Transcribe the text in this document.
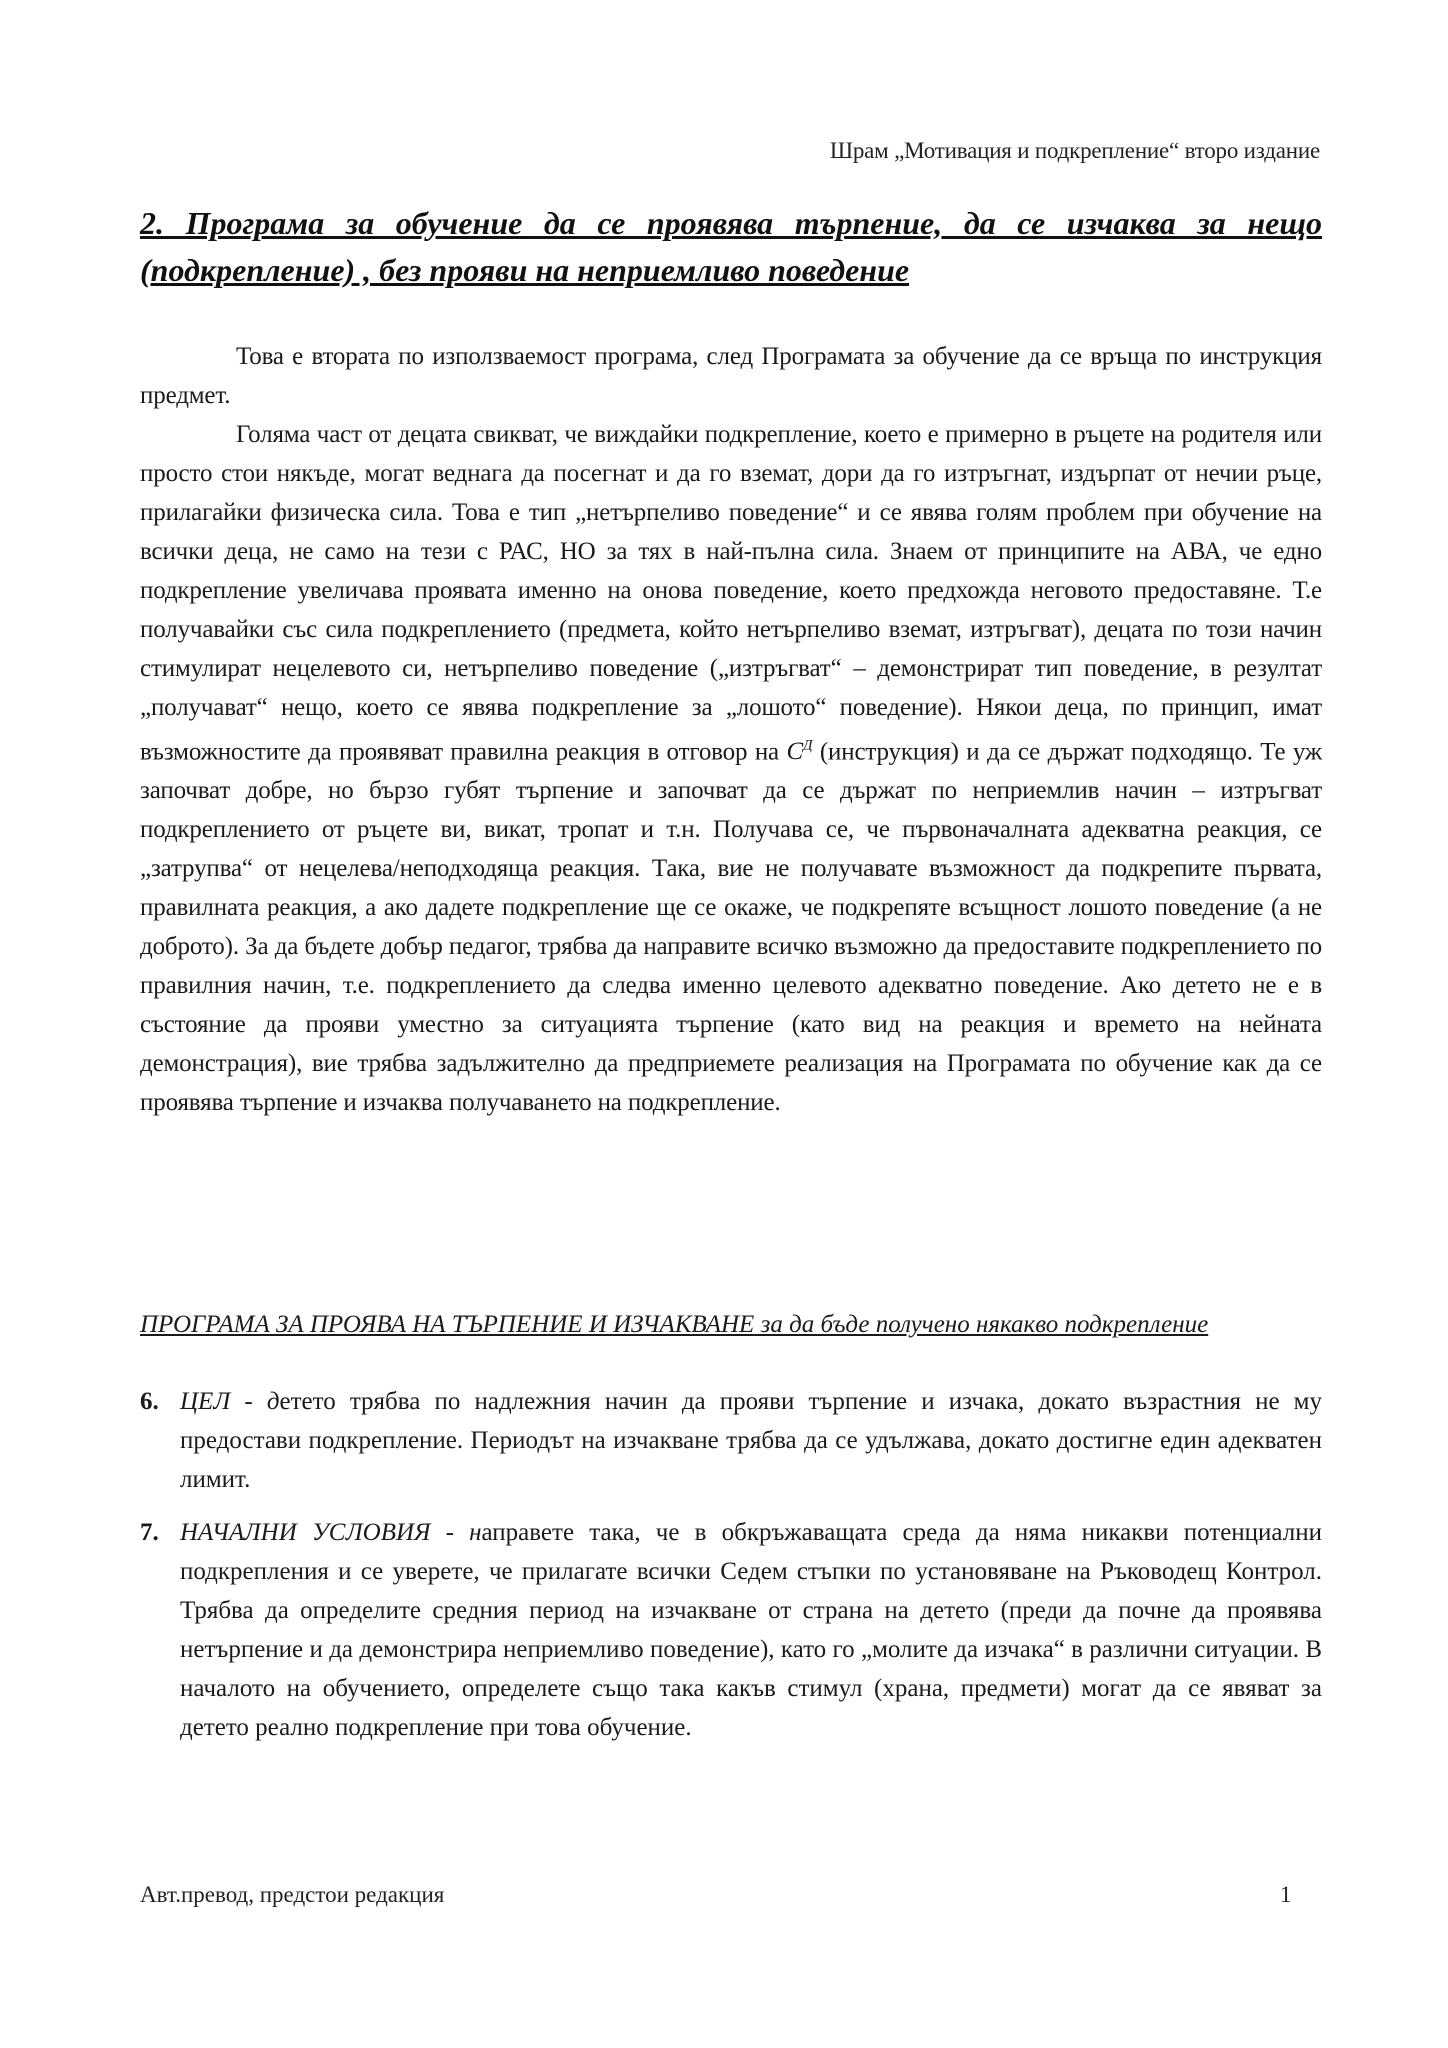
Шрам „Мотивация и подкрепление“ второ издание
2. Програма за обучение да се проявява търпение, да се изчаква за нещо
(подкрепление) , без прояви на неприемливо поведение

Това е втората по използваемост програма, след Програмата за обучение да се връща по инструкция предмет.

Голяма част от децата свикват, че виждайки подкрепление, което е примерно в ръцете на родителя или просто стои някъде, могат веднага да посегнат и да го вземат, дори да го изтръгнат, издърпат от нечии ръце, прилагайки физическа сила. Това е тип „нетърпеливо поведение“ и се явява голям проблем при обучение на всички деца, не само на тези с РАС, НО за тях в най-пълна сила. Знаем от принципите на АВА, че едно подкрепление увеличава проявата именно на онова поведение, което предхожда неговото предоставяне. Т.е получавайки със сила подкреплението (предмета, който нетърпеливо вземат, изтръгват), децата по този начин стимулират нецелевото си, нетърпеливо поведение („изтръгват“ – демонстрират тип поведение, в резултат „получават“ нещо, което се явява подкрепление за „лошото“ поведение). Някои деца, по принцип, имат възможностите да проявяват правилна реакция в отговор на $С^Д$ (инструкция) и да се държат подходящо. Те уж започват добре, но бързо губят търпение и започват да се държат по неприемлив начин – изтръгват подкреплението от ръцете ви, викат, тропат и т.н. Получава се, че първоначалната адекватна реакция, се „затрупва“ от нецелева/неподходяща реакция. Така, вие не получавате възможност да подкрепите първата, правилната реакция, а ако дадете подкрепление ще се окаже, че подкрепяте всъщност лошото поведение (а не доброто). За да бъдете добър педагог, трябва да направите всичко възможно да предоставите подкреплението по правилния начин, т.е. подкреплението да следва именно целевото адекватно поведение. Ако детето не е в състояние да прояви уместно за ситуацията търпение (като вид на реакция и времето на нейната демонстрация), вие трябва задължително да предприемете реализация на Програмата по обучение как да се проявява търпение и изчаква получаването на подкрепление.

ПРОГРАМА ЗА ПРОЯВА НА ТЪРПЕНИЕ И ИЗЧАКВАНЕ за да бъде получено някакво подкрепление
6. ЦЕЛ - детето трябва по надлежния начин да прояви търпение и изчака, докато възрастния не му предостави подкрепление. Периодът на изчакване трябва да се удължава, докато достигне един адекватен лимит.
7. НАЧАЛНИ УСЛОВИЯ - направете така, че в обкръжаващата среда да няма никакви потенциални подкрепления и се уверете, че прилагате всички Седем стъпки по установяване на Ръководещ Контрол. Трябва да определите средния период на изчакване от страна на детето (преди да почне да проявява нетърпение и да демонстрира неприемливо поведение), като го „молите да изчака“ в различни ситуации. В началото на обучението, определете също така какъв стимул (храна, предмети) могат да се явяват за детето реално подкрепление при това обучение.
Авт.превод, предстои редакция	1
